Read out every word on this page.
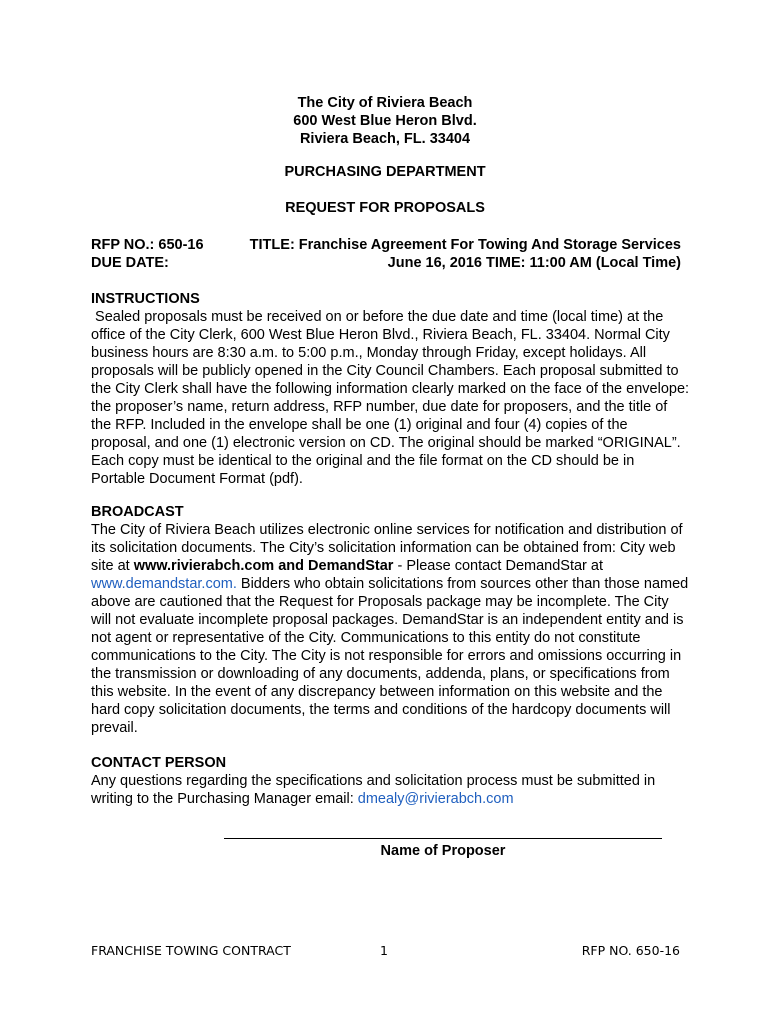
The City of Riviera Beach
600 West Blue Heron Blvd.
Riviera Beach, FL. 33404
PURCHASING DEPARTMENT
REQUEST FOR PROPOSALS
RFP NO.: 650-16	TITLE: Franchise Agreement For Towing And Storage Services
DUE DATE:	June 16, 2016 TIME: 11:00 AM (Local Time)
INSTRUCTIONS

Sealed proposals must be received on or before the due date and time (local time) at the office of the City Clerk, 600 West Blue Heron Blvd., Riviera Beach, FL. 33404. Normal City business hours are 8:30 a.m. to 5:00 p.m., Monday through Friday, except holidays. All proposals will be publicly opened in the City Council Chambers. Each proposal submitted to the City Clerk shall have the following information clearly marked on the face of the envelope: the proposer’s name, return address, RFP number, due date for proposers, and the title of the RFP. Included in the envelope shall be one (1) original and four (4) copies of the proposal, and one (1) electronic version on CD. The original should be marked “ORIGINAL”. Each copy must be identical to the original and the file format on the CD should be in Portable Document Format (pdf).

BROADCAST

The City of Riviera Beach utilizes electronic online services for notification and distribution of its solicitation documents. The City’s solicitation information can be obtained from: City web site at www.rivierabch.com and DemandStar - Please contact DemandStar at www.demandstar.com. Bidders who obtain solicitations from sources other than those named above are cautioned that the Request for Proposals package may be incomplete. The City will not evaluate incomplete proposal packages. DemandStar is an independent entity and is not agent or representative of the City. Communications to this entity do not constitute communications to the City. The City is not responsible for errors and omissions occurring in the transmission or downloading of any documents, addenda, plans, or specifications from this website. In the event of any discrepancy between information on this website and the hard copy solicitation documents, the terms and conditions of the hardcopy documents will prevail.

CONTACT PERSON

Any questions regarding the specifications and solicitation process must be submitted in writing to the Purchasing Manager email: dmealy@rivierabch.com

Name of Proposer
FRANCHISE TOWING CONTRACT	1	RFP NO. 650-16
